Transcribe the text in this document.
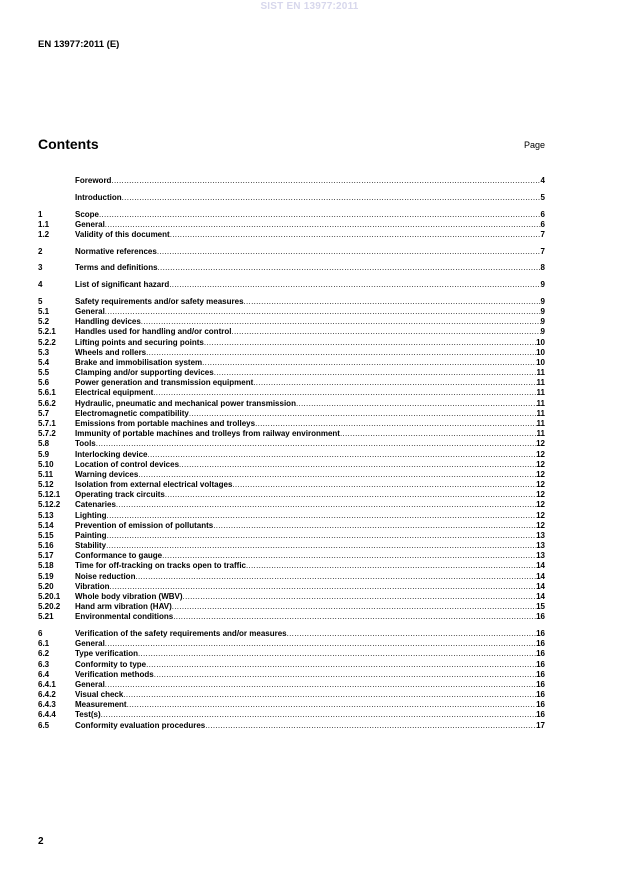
SIST EN 13977:2011
EN 13977:2011 (E)
Contents	Page
Foreword .....	4
Introduction .....	5
1	Scope .....	6
1.1	General .....	6
1.2	Validity of this document .....	7
2	Normative references .....	7
3	Terms and definitions .....	8
4	List of significant hazard .....	9
5	Safety requirements and/or safety measures .....	9
5.1	General .....	9
5.2	Handling devices .....	9
5.2.1	Handles used for handling and/or control .....	9
5.2.2	Lifting points and securing points .....	10
5.3	Wheels and rollers .....	10
5.4	Brake and immobilisation system .....	10
5.5	Clamping and/or supporting devices .....	11
5.6	Power generation and transmission equipment .....	11
5.6.1	Electrical equipment .....	11
5.6.2	Hydraulic, pneumatic and mechanical power transmission .....	11
5.7	Electromagnetic compatibility .....	11
5.7.1	Emissions from portable machines and trolleys .....	11
5.7.2	Immunity of portable machines and trolleys from railway environment .....	11
5.8	Tools .....	12
5.9	Interlocking device .....	12
5.10	Location of control devices .....	12
5.11	Warning devices .....	12
5.12	Isolation from external electrical voltages .....	12
5.12.1	Operating track circuits .....	12
5.12.2	Catenaries .....	12
5.13	Lighting .....	12
5.14	Prevention of emission of pollutants .....	12
5.15	Painting .....	13
5.16	Stability .....	13
5.17	Conformance to gauge .....	13
5.18	Time for off-tracking on tracks open to traffic .....	14
5.19	Noise reduction .....	14
5.20	Vibration .....	14
5.20.1	Whole body vibration (WBV) .....	14
5.20.2	Hand arm vibration (HAV) .....	15
5.21	Environmental conditions .....	16
6	Verification of the safety requirements and/or measures .....	16
6.1	General .....	16
6.2	Type verification .....	16
6.3	Conformity to type .....	16
6.4	Verification methods .....	16
6.4.1	General .....	16
6.4.2	Visual check .....	16
6.4.3	Measurement .....	16
6.4.4	Test(s) .....	16
6.5	Conformity evaluation procedures .....	17
2
